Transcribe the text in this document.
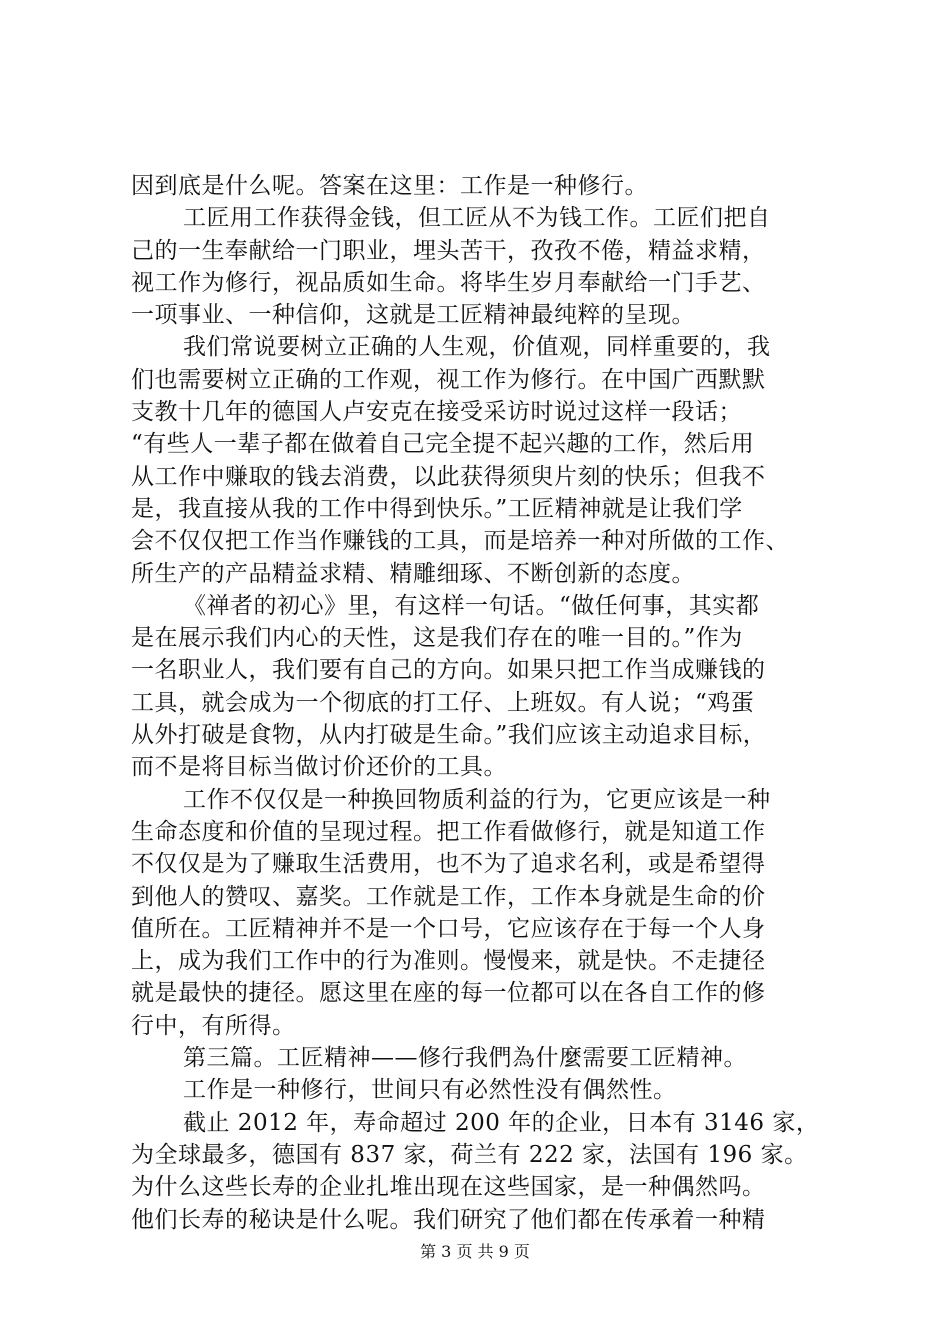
因到底是什么呢。答案在这里：工作是一种修行。
工匠用工作获得金钱，但工匠从不为钱工作。工匠们把自
己的一生奉献给一门职业，埋头苦干，孜孜不倦，精益求精，
视工作为修行，视品质如生命。将毕生岁月奉献给一门手艺、
一项事业、一种信仰，这就是工匠精神最纯粹的呈现。
我们常说要树立正确的人生观，价值观，同样重要的，我
们也需要树立正确的工作观，视工作为修行。在中国广西默默
支教十几年的德国人卢安克在接受采访时说过这样一段话；
“有些人一辈子都在做着自己完全提不起兴趣的工作，然后用
从工作中赚取的钱去消费，以此获得须臾片刻的快乐；但我不
是，我直接从我的工作中得到快乐。”工匠精神就是让我们学
会不仅仅把工作当作赚钱的工具，而是培养一种对所做的工作、
所生产的产品精益求精、精雕细琢、不断创新的态度。
《禅者的初心》里，有这样一句话。“做任何事，其实都
是在展示我们内心的天性，这是我们存在的唯一目的。”作为
一名职业人，我们要有自己的方向。如果只把工作当成赚钱的
工具，就会成为一个彻底的打工仔、上班奴。有人说；“鸡蛋
从外打破是食物，从内打破是生命。”我们应该主动追求目标，
而不是将目标当做讨价还价的工具。
工作不仅仅是一种换回物质利益的行为，它更应该是一种
生命态度和价值的呈现过程。把工作看做修行，就是知道工作
不仅仅是为了赚取生活费用，也不为了追求名利，或是希望得
到他人的赞叹、嘉奖。工作就是工作，工作本身就是生命的价
值所在。工匠精神并不是一个口号，它应该存在于每一个人身
上，成为我们工作中的行为准则。慢慢来，就是快。不走捷径
就是最快的捷径。愿这里在座的每一位都可以在各自工作的修
行中，有所得。
第三篇。工匠精神——修行我們為什麼需要工匠精神。
工作是一种修行，世间只有必然性没有偶然性。
截止 2012 年，寿命超过 200 年的企业，日本有 3146 家，
为全球最多，德国有 837 家，荷兰有 222 家，法国有 196 家。
为什么这些长寿的企业扎堆出现在这些国家，是一种偶然吗。
他们长寿的秘诀是什么呢。我们研究了他们都在传承着一种精
第 3 页 共 9 页
